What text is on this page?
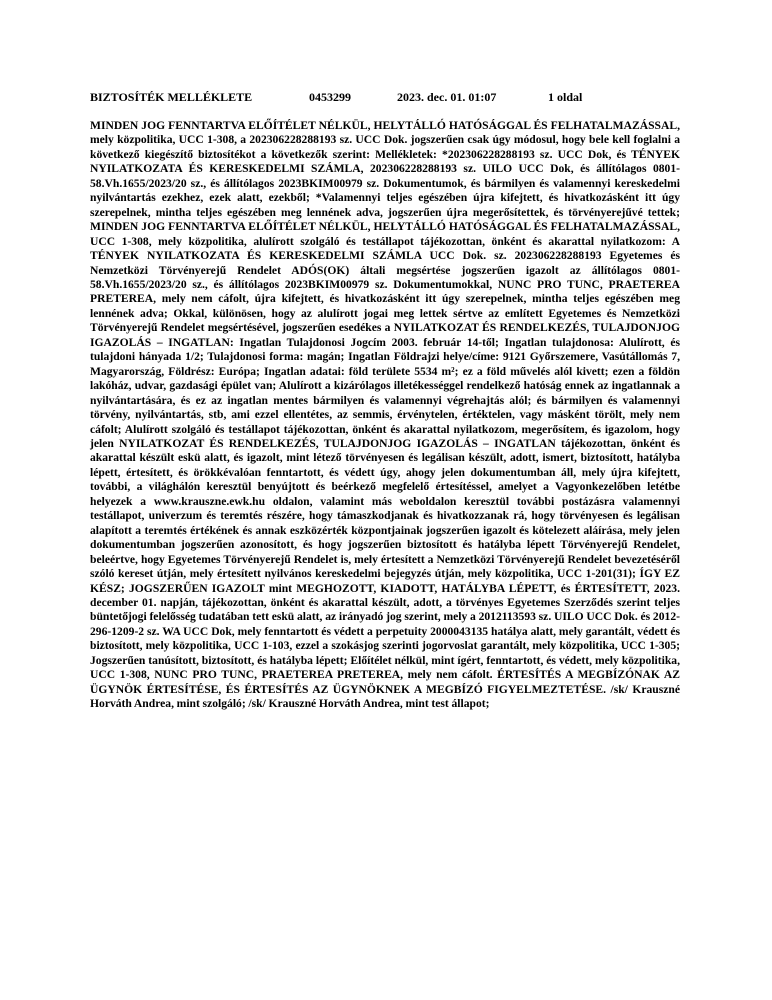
BIZTOSÍTÉK MELLÉKLETE	0453299	2023. dec. 01. 01:07	1 oldal

MINDEN JOG FENNTARTVA ELŐÍTÉLET NÉLKÜL, HELYTÁLLÓ HATÓSÁGGAL ÉS FELHATALMAZÁSSAL, mely közpolitika, UCC 1-308, a 202306228288193 sz. UCC Dok. jogszerűen csak úgy módosul, hogy bele kell foglalni a következő kiegészítő biztosítékot a következők szerint: Mellékletek: *202306228288193 sz. UCC Dok, és TÉNYEK NYILATKOZATA ÉS KERESKEDELMI SZÁMLA, 202306228288193 sz. UILO UCC Dok, és állítólagos 0801-58.Vh.1655/2023/20 sz., és állítólagos 2023BKIM00979 sz. Dokumentumok, és bármilyen és valamennyi kereskedelmi nyilvántartás ezekhez, ezek alatt, ezekből; *Valamennyi teljes egészében újra kifejtett, és hivatkozásként itt úgy szerepelnek, mintha teljes egészében meg lennének adva, jogszerűen újra megerősítettek, és törvényerejűvé tettek; MINDEN JOG FENNTARTVA ELŐÍTÉLET NÉLKÜL, HELYTÁLLÓ HATÓSÁGGAL ÉS FELHATALMAZÁSSAL, UCC 1-308, mely közpolitika, alulírott szolgáló és testállapot tájékozottan, önként és akarattal nyilatkozom: A TÉNYEK NYILATKOZATA ÉS KERESKEDELMI SZÁMLA UCC Dok. sz. 202306228288193 Egyetemes és Nemzetközi Törvényerejű Rendelet ADÓS(OK) általi megsértése jogszerűen igazolt az állítólagos 0801-58.Vh.1655/2023/20 sz., és állítólagos 2023BKIM00979 sz. Dokumentumokkal, NUNC PRO TUNC, PRAETEREA PRETEREA, mely nem cáfolt, újra kifejtett, és hivatkozásként itt úgy szerepelnek, mintha teljes egészében meg lennének adva; Okkal, különösen, hogy az alulírott jogai meg lettek sértve az említett Egyetemes és Nemzetközi Törvényerejű Rendelet megsértésével, jogszerűen esedékes a NYILATKOZAT ÉS RENDELKEZÉS, TULAJDONJOG IGAZOLÁS – INGATLAN: Ingatlan Tulajdonosi Jogcím 2003. február 14-től; Ingatlan tulajdonosa: Alulírott, és tulajdoni hányada 1/2; Tulajdonosi forma: magán; Ingatlan Földrajzi helye/címe: 9121 Győrszemere, Vasútállomás 7, Magyarország, Földrész: Európa; Ingatlan adatai: föld területe 5534 m²; ez a föld művelés alól kivett; ezen a földön lakóház, udvar, gazdasági épület van; Alulírott a kizárólagos illetékességgel rendelkező hatóság ennek az ingatlannak a nyilvántartására, és ez az ingatlan mentes bármilyen és valamennyi végrehajtás alól; és bármilyen és valamennyi törvény, nyilvántartás, stb, ami ezzel ellentétes, az semmis, érvénytelen, értéktelen, vagy másként törölt, mely nem cáfolt; Alulírott szolgáló és testállapot tájékozottan, önként és akarattal nyilatkozom, megerősítem, és igazolom, hogy jelen NYILATKOZAT ÉS RENDELKEZÉS, TULAJDONJOG IGAZOLÁS – INGATLAN tájékozottan, önként és akarattal készült eskü alatt, és igazolt, mint létező törvényesen és legálisan készült, adott, ismert, biztosított, hatályba lépett, értesített, és örökkévalóan fenntartott, és védett úgy, ahogy jelen dokumentumban áll, mely újra kifejtett, további, a világhálón keresztül benyújtott és beérkező megfelelő értesítéssel, amelyet a Vagyonkezelőben letétbe helyezek a www.krauszne.ewk.hu oldalon, valamint más weboldalon keresztül további postázásra valamennyi testállapot, univerzum és teremtés részére, hogy támaszkodjanak és hivatkozzanak rá, hogy törvényesen és legálisan alapított a teremtés értékének és annak eszközérték központjainak jogszerűen igazolt és kötelezett aláírása, mely jelen dokumentumban jogszerűen azonosított, és hogy jogszerűen biztosított és hatályba lépett Törvényerejű Rendelet, beleértve, hogy Egyetemes Törvényerejű Rendelet is, mely értesített a Nemzetközi Törvényerejű Rendelet bevezetéséről szóló kereset útján, mely értesített nyilvános kereskedelmi bejegyzés útján, mely közpolitika, UCC 1-201(31); ÍGY EZ KÉSZ; JOGSZERŰEN IGAZOLT mint MEGHOZOTT, KIADOTT, HATÁLYBA LÉPETT, és ÉRTESÍTETT, 2023. december 01. napján, tájékozottan, önként és akarattal készült, adott, a törvényes Egyetemes Szerződés szerint teljes büntetőjogi felelősség tudatában tett eskü alatt, az irányadó jog szerint, mely a 2012113593 sz. UILO UCC Dok. és 2012-296-1209-2 sz. WA UCC Dok, mely fenntartott és védett a perpetuity 2000043135 hatálya alatt, mely garantált, védett és biztosított, mely közpolitika, UCC 1-103, ezzel a szokásjog szerinti jogorvoslat garantált, mely közpolitika, UCC 1-305; Jogszerűen tanúsított, biztosított, és hatályba lépett; Előítélet nélkül, mint ígért, fenntartott, és védett, mely közpolitika, UCC 1-308, NUNC PRO TUNC, PRAETEREA PRETEREA, mely nem cáfolt. ÉRTESÍTÉS A MEGBÍZÓNAK AZ ÜGYNÖK ÉRTESÍTÉSE, ÉS ÉRTESÍTÉS AZ ÜGYNÖKNEK A MEGBÍZÓ FIGYELMEZTETÉSE. /sk/ Krauszné Horváth Andrea, mint szolgáló; /sk/ Krauszné Horváth Andrea, mint test állapot;
